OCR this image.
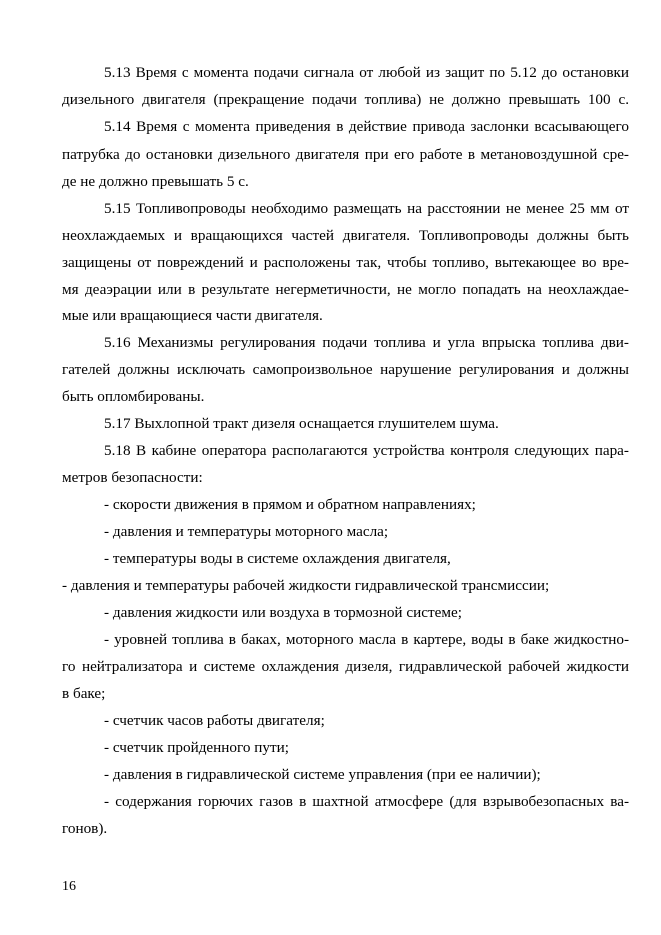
5.13 Время с момента подачи сигнала от любой из защит по 5.12 до остановки
дизельного двигателя (прекращение подачи топлива) не должно превышать 100 с.
5.14 Время с момента приведения в действие привода заслонки всасывающего
патрубка до остановки дизельного двигателя при его работе в метановоздушной сре-
де не должно превышать 5 с.
5.15 Топливопроводы необходимо размещать на расстоянии не менее 25 мм от
неохлаждаемых и вращающихся частей двигателя. Топливопроводы должны быть
защищены от повреждений и расположены так, чтобы топливо, вытекающее во вре-
мя деаэрации или в результате негерметичности, не могло попадать на неохлаждае-
мые или вращающиеся части двигателя.
5.16 Механизмы регулирования подачи топлива и угла впрыска топлива дви-
гателей должны исключать самопроизвольное нарушение регулирования и должны
быть опломбированы.
5.17 Выхлопной тракт дизеля оснащается глушителем шума.
5.18 В кабине оператора располагаются устройства контроля следующих пара-
метров безопасности:
- скорости движения в прямом и обратном направлениях;
- давления и температуры моторного масла;
- температуры воды в системе охлаждения двигателя,
- давления и температуры рабочей жидкости гидравлической трансмиссии;
- давления жидкости или воздуха в тормозной системе;
- уровней топлива в баках, моторного масла в картере, воды в баке жидкостно-
го нейтрализатора и системе охлаждения дизеля, гидравлической рабочей жидкости
в баке;
- счетчик часов работы двигателя;
- счетчик пройденного пути;
- давления в гидравлической системе управления (при ее наличии);
- содержания горючих газов в шахтной атмосфере (для взрывобезопасных ва-
гонов).
16
